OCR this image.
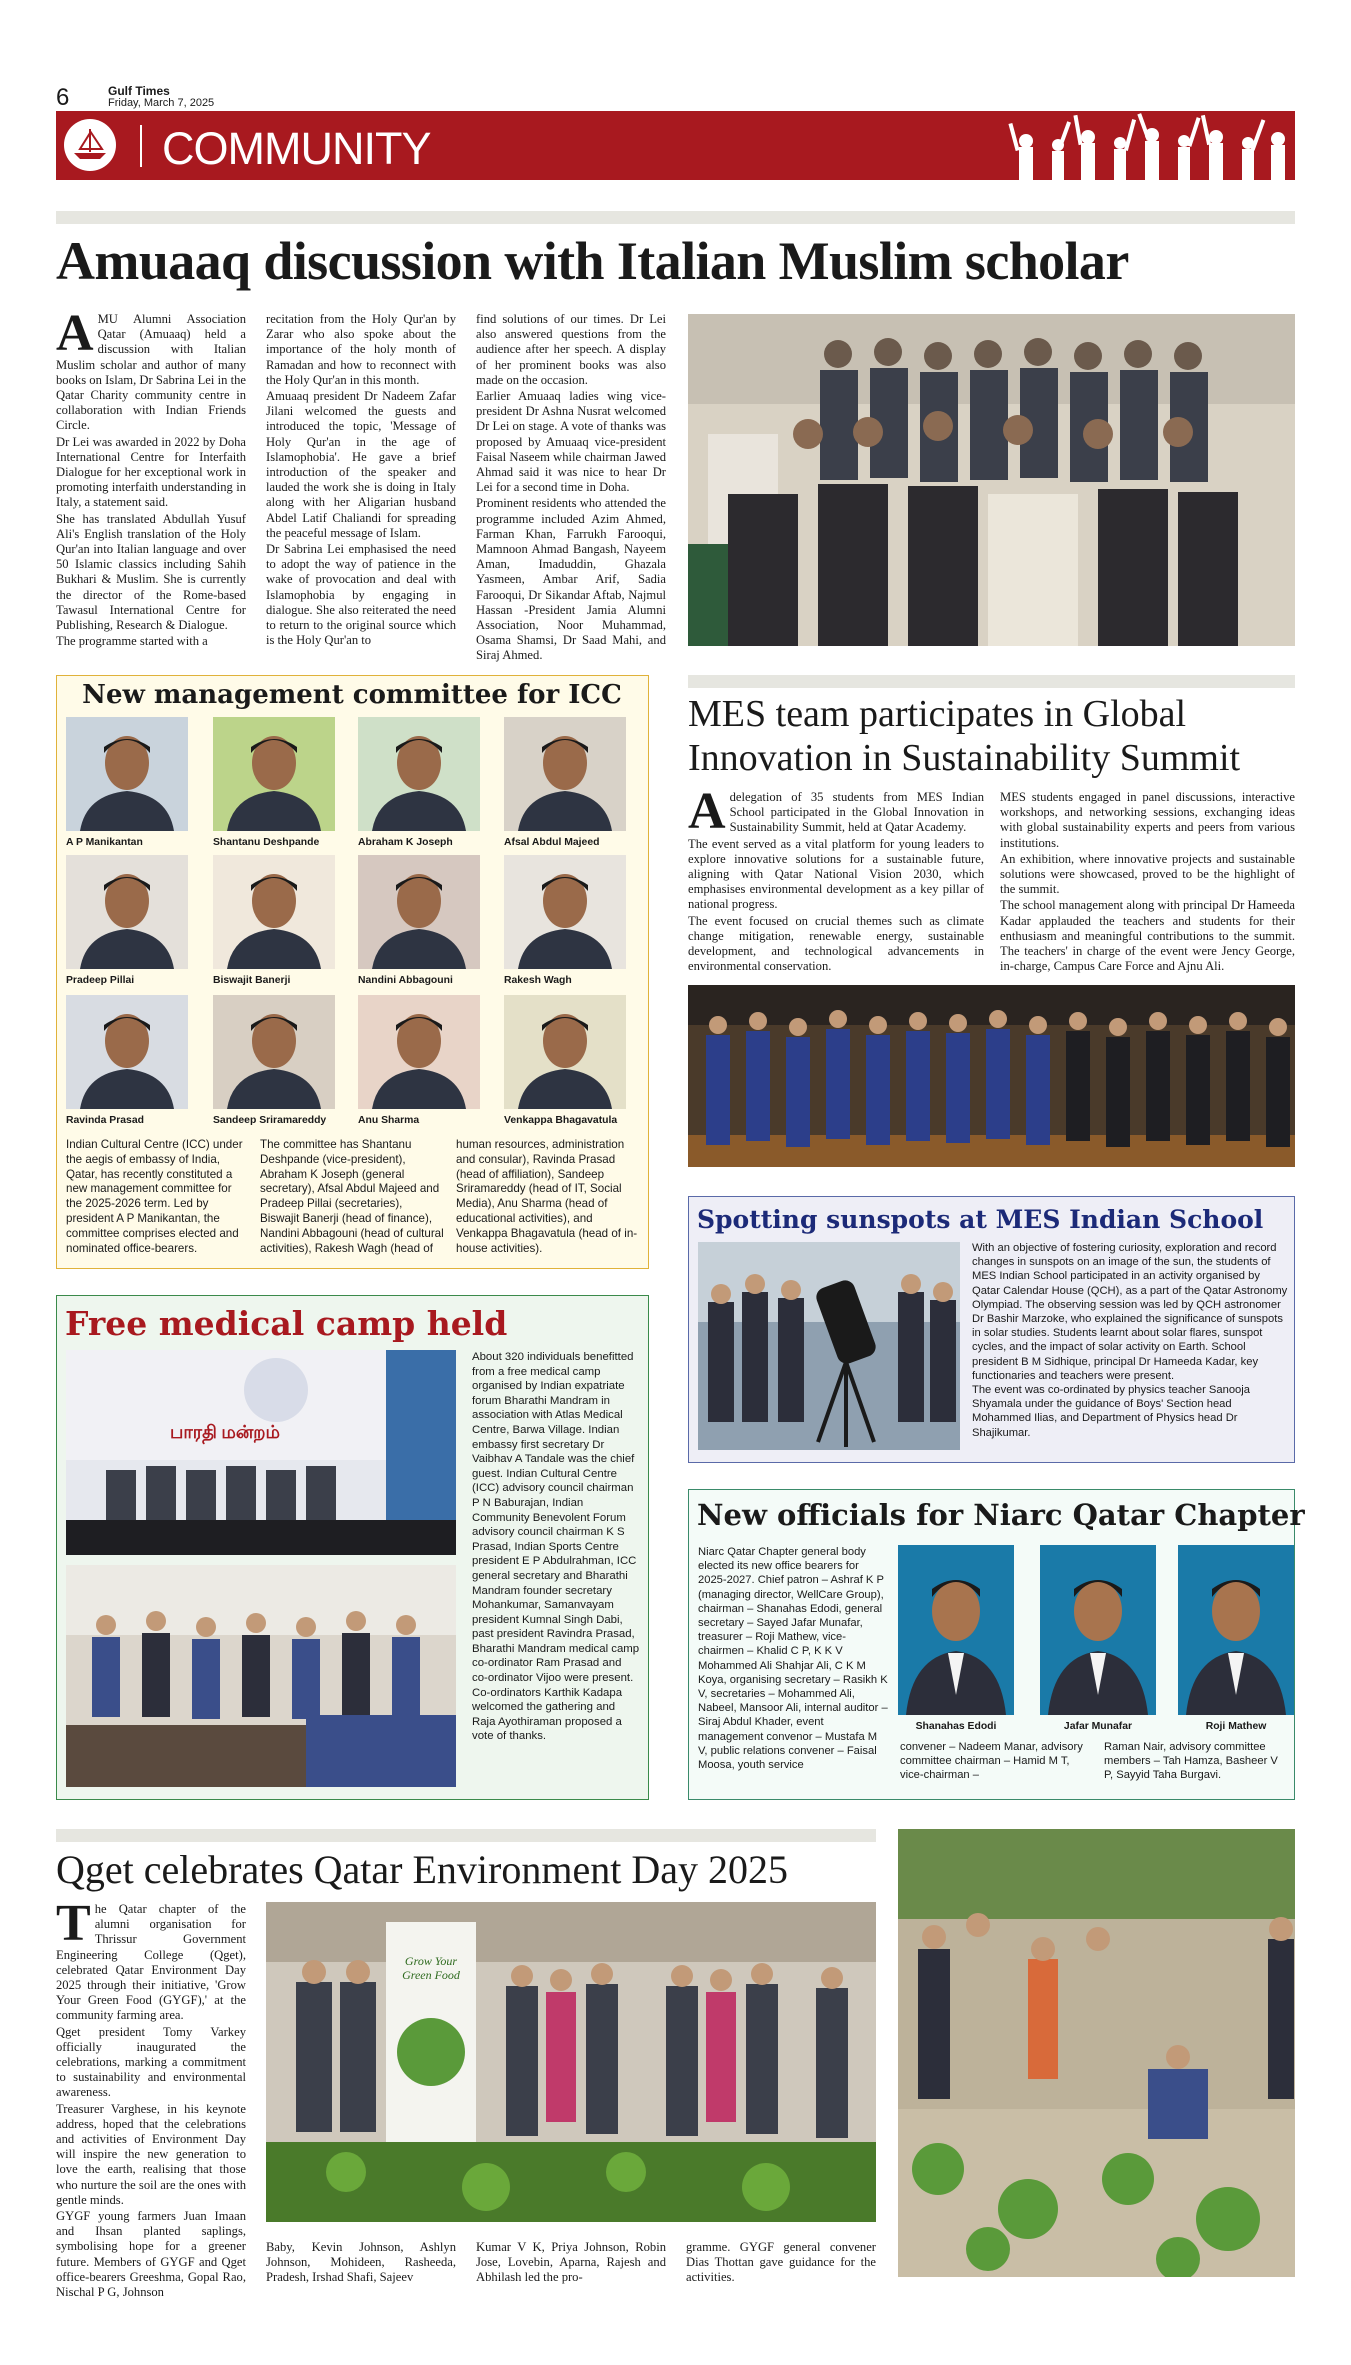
6	Gulf Times
Friday, March 7, 2025
COMMUNITY
Amuaaq discussion with Italian Muslim scholar

AMU Alumni Association Qatar (Amuaaq) held a discussion with Italian Muslim scholar and author of many books on Islam, Dr Sabrina Lei in the Qatar Charity community centre in collaboration with Indian Friends Circle.

Dr Lei was awarded in 2022 by Doha International Centre for Interfaith Dialogue for her exceptional work in promoting interfaith understanding in Italy, a statement said.

She has translated Abdullah Yusuf Ali's English translation of the Holy Qur'an into Italian language and over 50 Islamic classics including Sahih Bukhari & Muslim. She is currently the director of the Rome-based Tawasul International Centre for Publishing, Research & Dialogue.

The programme started with a

recitation from the Holy Qur'an by Zarar who also spoke about the importance of the holy month of Ramadan and how to reconnect with the Holy Qur'an in this month.

Amuaaq president Dr Nadeem Zafar Jilani welcomed the guests and introduced the topic, 'Message of Holy Qur'an in the age of Islamophobia'. He gave a brief introduction of the speaker and lauded the work she is doing in Italy along with her Aligarian husband Abdel Latif Chaliandi for spreading the peaceful message of Islam.

Dr Sabrina Lei emphasised the need to adopt the way of patience in the wake of provocation and deal with Islamophobia by engaging in dialogue. She also reiterated the need to return to the original source which is the Holy Qur'an to

find solutions of our times. Dr Lei also answered questions from the audience after her speech. A display of her prominent books was also made on the occasion.

Earlier Amuaaq ladies wing vice-president Dr Ashna Nusrat welcomed Dr Lei on stage. A vote of thanks was proposed by Amuaaq vice-president Faisal Naseem while chairman Jawed Ahmad said it was nice to hear Dr Lei for a second time in Doha.

Prominent residents who attended the programme included Azim Ahmed, Farman Khan, Farrukh Farooqui, Mamnoon Ahmad Bangash, Nayeem Aman, Imaduddin, Ghazala Yasmeen, Ambar Arif, Sadia Farooqui, Dr Sikandar Aftab, Najmul Hassan -President Jamia Alumni Association, Noor Muhammad, Osama Shamsi, Dr Saad Mahi, and Siraj Ahmed.

New management committee for ICC
A P Manikantan	Shantanu Deshpande	Abraham K Joseph	Afsal Abdul Majeed
Pradeep Pillai	Biswajit Banerji	Nandini Abbagouni	Rakesh Wagh
Ravinda Prasad	Sandeep Sriramareddy	Anu Sharma	Venkappa Bhagavatula
Indian Cultural Centre (ICC) under the aegis of embassy of India, Qatar, has recently constituted a new management committee for the 2025-2026 term. Led by president A P Manikantan, the committee comprises elected and nominated office-bearers.
The committee has Shantanu Deshpande (vice-president), Abraham K Joseph (general secretary), Afsal Abdul Majeed and Pradeep Pillai (secretaries), Biswajit Banerji (head of finance), Nandini Abbagouni (head of cultural activities), Rakesh Wagh (head of
human resources, administration and consular), Ravinda Prasad (head of affiliation), Sandeep Sriramareddy (head of IT, Social Media), Anu Sharma (head of educational activities), and Venkappa Bhagavatula (head of in-house activities).
MES team participates in Global
Innovation in Sustainability Summit

A delegation of 35 students from MES Indian School participated in the Global Innovation in Sustainability Summit, held at Qatar Academy.

The event served as a vital platform for young leaders to explore innovative solutions for a sustainable future, aligning with Qatar National Vision 2030, which emphasises environmental development as a key pillar of national progress.

The event focused on crucial themes such as climate change mitigation, renewable energy, sustainable development, and technological advancements in environmental conservation.

MES students engaged in panel discussions, interactive workshops, and networking sessions, exchanging ideas with global sustainability experts and peers from various institutions.

An exhibition, where innovative projects and sustainable solutions were showcased, proved to be the highlight of the summit.

The school management along with principal Dr Hameeda Kadar applauded the teachers and students for their enthusiasm and meaningful contributions to the summit. The teachers' in charge of the event were Jency George, in-charge, Campus Care Force and Ajnu Ali.

Spotting sunspots at MES Indian School
With an objective of fostering curiosity, exploration and record changes in sunspots on an image of the sun, the students of MES Indian School participated in an activity organised by Qatar Calendar House (QCH), as a part of the Qatar Astronomy Olympiad. The observing session was led by QCH astronomer Dr Bashir Marzoke, who explained the significance of sunspots in solar studies. Students learnt about solar flares, sunspot cycles, and the impact of solar activity on Earth. School president B M Sidhique, principal Dr Hameeda Kadar, key functionaries and teachers were present.
The event was co-ordinated by physics teacher Sanooja Shyamala under the guidance of Boys' Section head Mohammed Ilias, and Department of Physics head Dr Shajikumar.
Free medical camp held
பாரதி மன்றம்
About 320 individuals benefitted from a free medical camp organised by Indian expatriate forum Bharathi Mandram in association with Atlas Medical Centre, Barwa Village. Indian embassy first secretary Dr Vaibhav A Tandale was the chief guest. Indian Cultural Centre (ICC) advisory council chairman P N Baburajan, Indian Community Benevolent Forum advisory council chairman K S Prasad, Indian Sports Centre president E P Abdulrahman, ICC general secretary and Bharathi Mandram founder secretary Mohankumar, Samanvayam president Kumnal Singh Dabi, past president Ravindra Prasad, Bharathi Mandram medical camp co-ordinator Ram Prasad and co-ordinator Vijoo were present. Co-ordinators Karthik Kadapa welcomed the gathering and Raja Ayothiraman proposed a vote of thanks.
New officials for Niarc Qatar Chapter
Niarc Qatar Chapter general body elected its new office bearers for 2025-2027. Chief patron – Ashraf K P (managing director, WellCare Group), chairman – Shanahas Edodi, general secretary – Sayed Jafar Munafar, treasurer – Roji Mathew, vice-chairmen – Khalid C P, K K V Mohammed Ali Shahjar Ali, C K M Koya, organising secretary – Rasikh K V, secretaries – Mohammed Ali, Nabeel, Mansoor Ali, internal auditor – Siraj Abdul Khader, event management convenor – Mustafa M V, public relations convener – Faisal Moosa, youth service
Shanahas Edodi	Jafar Munafar	Roji Mathew
convener – Nadeem Manar, advisory committee chairman – Hamid M T, vice-chairman –
Raman Nair, advisory committee members – Tah Hamza, Basheer V P, Sayyid Taha Burgavi.
Qget celebrates Qatar Environment Day 2025

The Qatar chapter of the alumni organisation for Thrissur Government Engineering College (Qget), celebrated Qatar Environment Day 2025 through their initiative, 'Grow Your Green Food (GYGF),' at the community farming area.

Qget president Tomy Varkey officially inaugurated the celebrations, marking a commitment to sustainability and environmental awareness.

Treasurer Varghese, in his keynote address, hoped that the celebrations and activities of Environment Day will inspire the new generation to love the earth, realising that those who nurture the soil are the ones with gentle minds.

GYGF young farmers Juan Imaan and Ihsan planted saplings, symbolising hope for a greener future. Members of GYGF and Qget office-bearers Greeshma, Gopal Rao, Nischal P G, Johnson

Grow Your Green Food
Baby, Kevin Johnson, Ashlyn Johnson, Mohideen, Rasheeda, Pradesh, Irshad Shafi, Sajeev
Kumar V K, Priya Johnson, Robin Jose, Lovebin, Aparna, Rajesh and Abhilash led the pro-
gramme. GYGF general convener Dias Thottan gave guidance for the activities.
